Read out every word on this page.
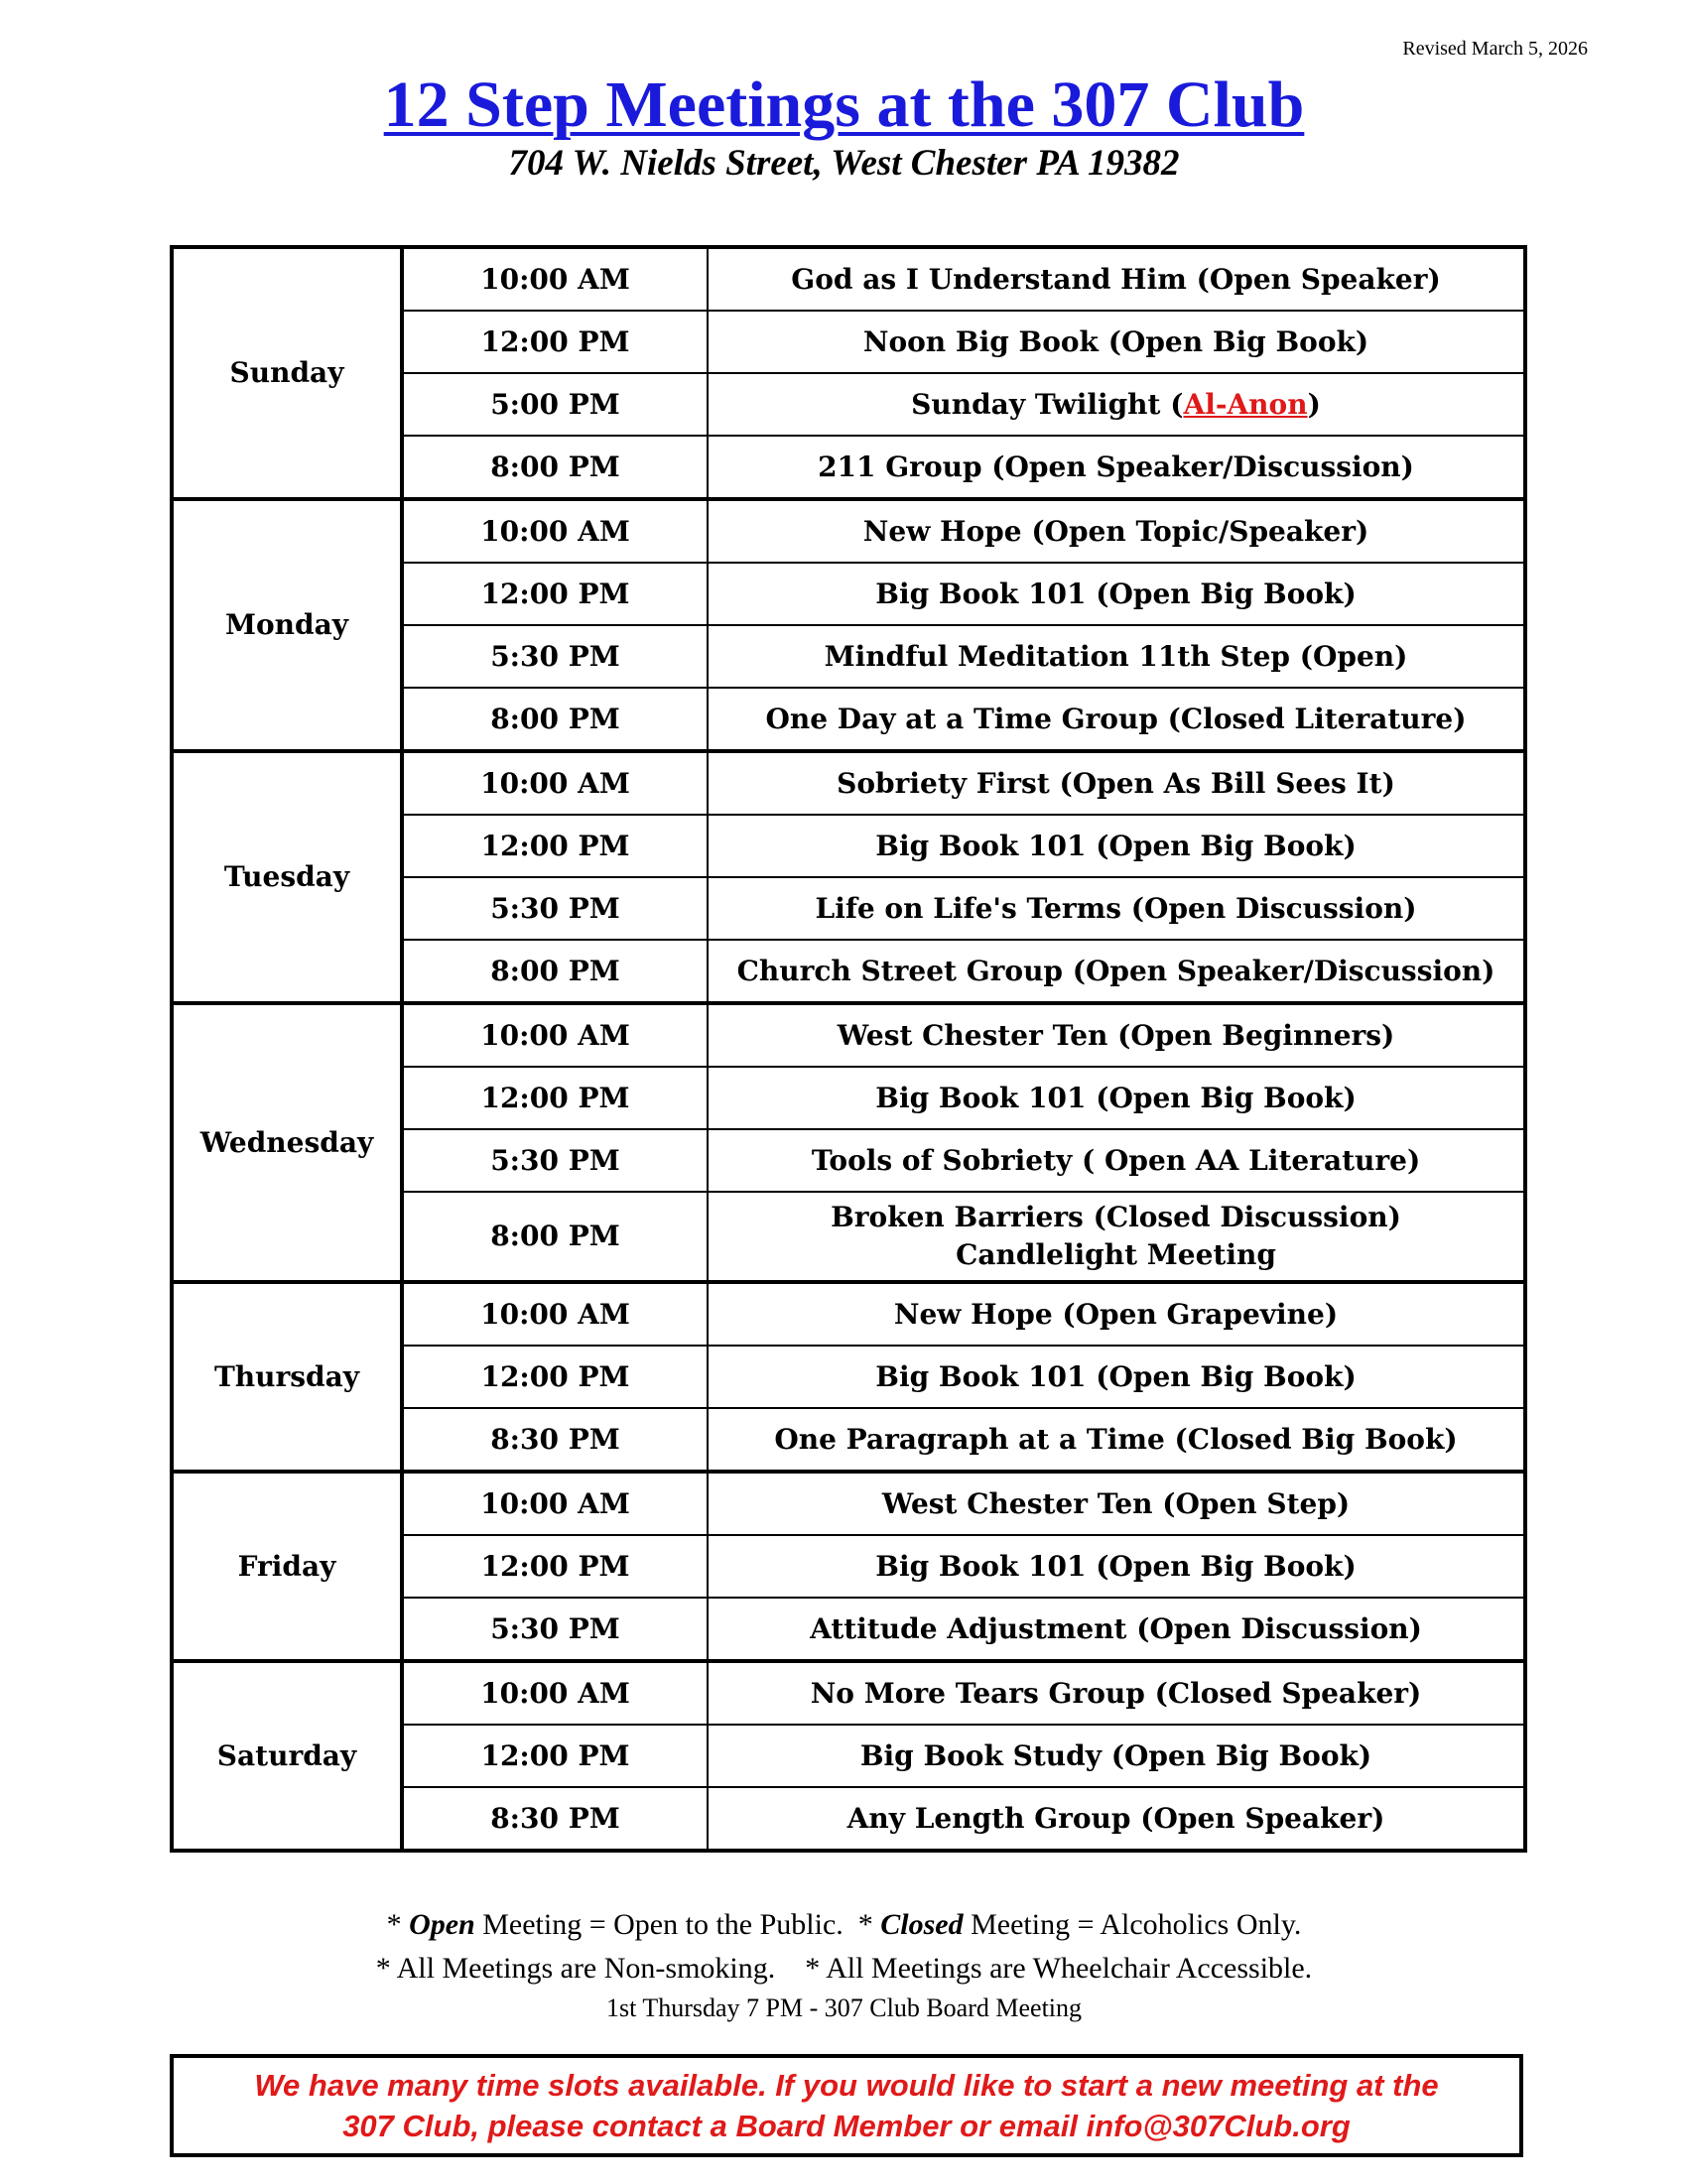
Revised March 5, 2026
12 Step Meetings at the 307 Club
704 W. Nields Street, West Chester PA 19382
Sunday	10:00 AM	God as I Understand Him (Open Speaker)

	12:00 PM	Noon Big Book (Open Big Book)

	5:00 PM	Sunday Twilight (Al-Anon)
	8:00 PM	211 Group (Open Speaker/Discussion)

Monday	10:00 AM	New Hope (Open Topic/Speaker)

	12:00 PM	Big Book 101 (Open Big Book)

	5:30 PM	Mindful Meditation 11th Step (Open)

	8:00 PM	One Day at a Time Group (Closed Literature)

Tuesday	10:00 AM	Sobriety First (Open As Bill Sees It)

	12:00 PM	Big Book 101 (Open Big Book)

	5:30 PM	Life on Life's Terms (Open Discussion)

	8:00 PM	Church Street Group (Open Speaker/Discussion)

Wednesday	10:00 AM	West Chester Ten (Open Beginners)

	12:00 PM	Big Book 101 (Open Big Book)

	5:30 PM	Tools of Sobriety ( Open AA Literature)

	8:00 PM	Broken Barriers (Closed Discussion)
Candlelight Meeting

Thursday	10:00 AM	New Hope (Open Grapevine)

	12:00 PM	Big Book 101 (Open Big Book)

	8:30 PM	One Paragraph at a Time (Closed Big Book)

Friday	10:00 AM	West Chester Ten (Open Step)

	12:00 PM	Big Book 101 (Open Big Book)

	5:30 PM	Attitude Adjustment (Open Discussion)

Saturday	10:00 AM	No More Tears Group (Closed Speaker)

	12:00 PM	Big Book Study (Open Big Book)

	8:30 PM	Any Length Group (Open Speaker)
* Open Meeting = Open to the Public.  * Closed Meeting = Alcoholics Only.
* All Meetings are Non-smoking.    * All Meetings are Wheelchair Accessible.
1st Thursday 7 PM - 307 Club Board Meeting
We have many time slots available. If you would like to start a new meeting at the
307 Club, please contact a Board Member or email info@307Club.org
